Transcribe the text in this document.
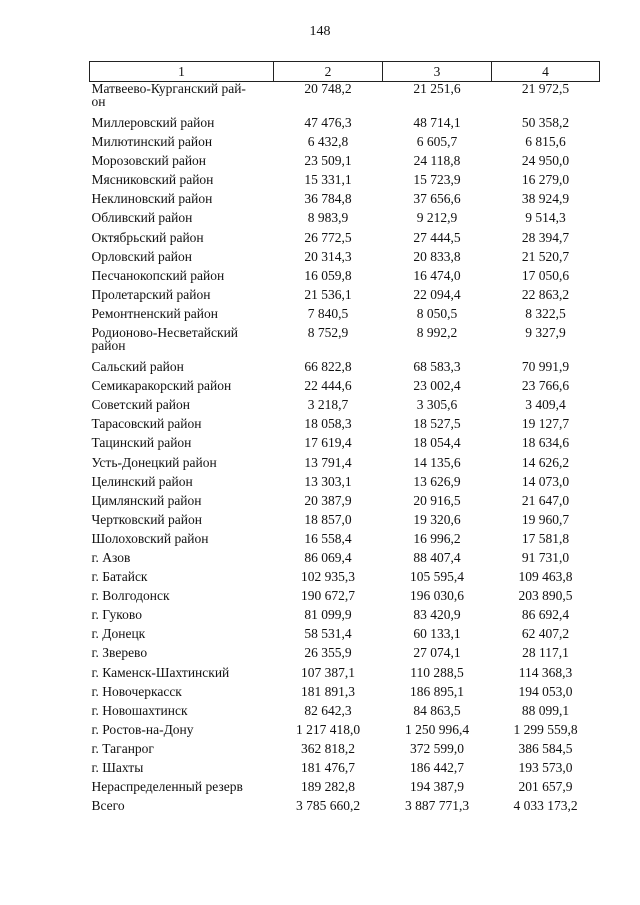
148
1	2	3	4
Матвеево-Курганский рай-
он	20 748,2	21 251,6	21 972,5
Миллеровский район	47 476,3	48 714,1	50 358,2
Милютинский район	6 432,8	6 605,7	6 815,6
Морозовский район	23 509,1	24 118,8	24 950,0
Мясниковский район	15 331,1	15 723,9	16 279,0
Неклиновский район	36 784,8	37 656,6	38 924,9
Обливский район	8 983,9	9 212,9	9 514,3
Октябрьский район	26 772,5	27 444,5	28 394,7
Орловский район	20 314,3	20 833,8	21 520,7
Песчанокопский район	16 059,8	16 474,0	17 050,6
Пролетарский район	21 536,1	22 094,4	22 863,2
Ремонтненский район	7 840,5	8 050,5	8 322,5
Родионово-Несветайский
район	8 752,9	8 992,2	9 327,9
Сальский район	66 822,8	68 583,3	70 991,9
Семикаракорский район	22 444,6	23 002,4	23 766,6
Советский район	3 218,7	3 305,6	3 409,4
Тарасовский район	18 058,3	18 527,5	19 127,7
Тацинский район	17 619,4	18 054,4	18 634,6
Усть-Донецкий район	13 791,4	14 135,6	14 626,2
Целинский район	13 303,1	13 626,9	14 073,0
Цимлянский район	20 387,9	20 916,5	21 647,0
Чертковский район	18 857,0	19 320,6	19 960,7
Шолоховский район	16 558,4	16 996,2	17 581,8
г. Азов	86 069,4	88 407,4	91 731,0
г. Батайск	102 935,3	105 595,4	109 463,8
г. Волгодонск	190 672,7	196 030,6	203 890,5
г. Гуково	81 099,9	83 420,9	86 692,4
г. Донецк	58 531,4	60 133,1	62 407,2
г. Зверево	26 355,9	27 074,1	28 117,1
г. Каменск-Шахтинский	107 387,1	110 288,5	114 368,3
г. Новочеркасск	181 891,3	186 895,1	194 053,0
г. Новошахтинск	82 642,3	84 863,5	88 099,1
г. Ростов-на-Дону	1 217 418,0	1 250 996,4	1 299 559,8
г. Таганрог	362 818,2	372 599,0	386 584,5
г. Шахты	181 476,7	186 442,7	193 573,0
Нераспределенный резерв	189 282,8	194 387,9	201 657,9
Всего	3 785 660,2	3 887 771,3	4 033 173,2
